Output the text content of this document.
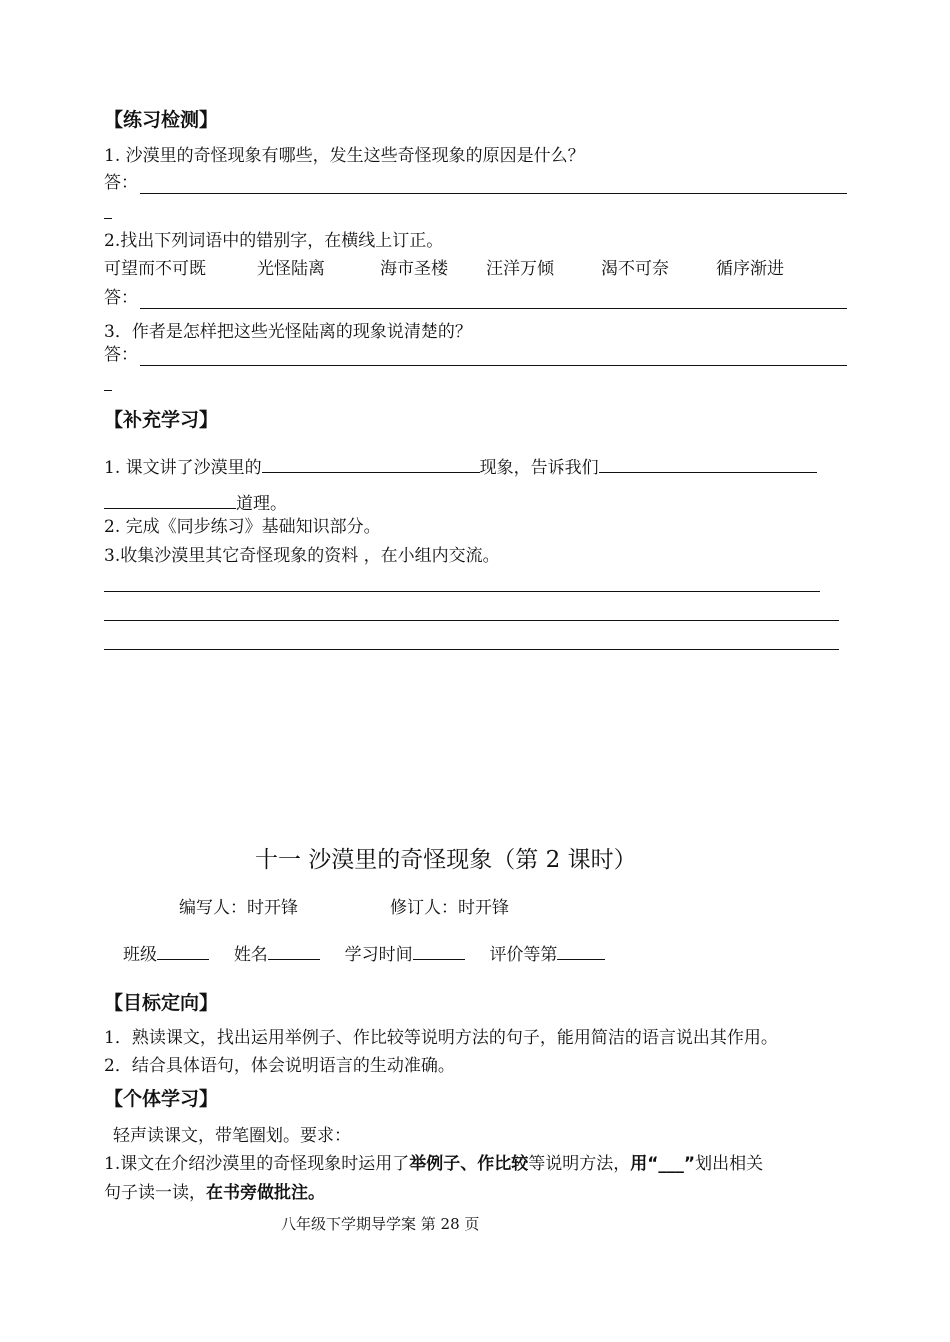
【练习检测】
1. 沙漠里的奇怪现象有哪些，发生这些奇怪现象的原因是什么？
答：
2.找出下列词语中的错别字，在横线上订正。
可望而不可既	光怪陆离	海市圣楼 汪洋万倾	渴不可奈	循序渐进
答：
3．作者是怎样把这些光怪陆离的现象说清楚的？
答：
【补充学习】
1. 课文讲了沙漠里的	现象，告诉我们
道理。
2. 完成《同步练习》基础知识部分。
3.收集沙漠里其它奇怪现象的资料 ，在小组内交流。
十一 沙漠里的奇怪现象（第 2 课时）
编写人：时开锋	修订人：时开锋
班级	姓名	学习时间	评价等第
【目标定向】
1．熟读课文，找出运用举例子、作比较等说明方法的句子，能用简洁的语言说出其作用。
2．结合具体语句，体会说明语言的生动准确。
【个体学习】
轻声读课文，带笔圈划。要求：
1.课文在介绍沙漠里的奇怪现象时运用了举例子、作比较等说明方法，用“___”划出相关
句子读一读，在书旁做批注。
八年级下学期导学案 第 28 页
